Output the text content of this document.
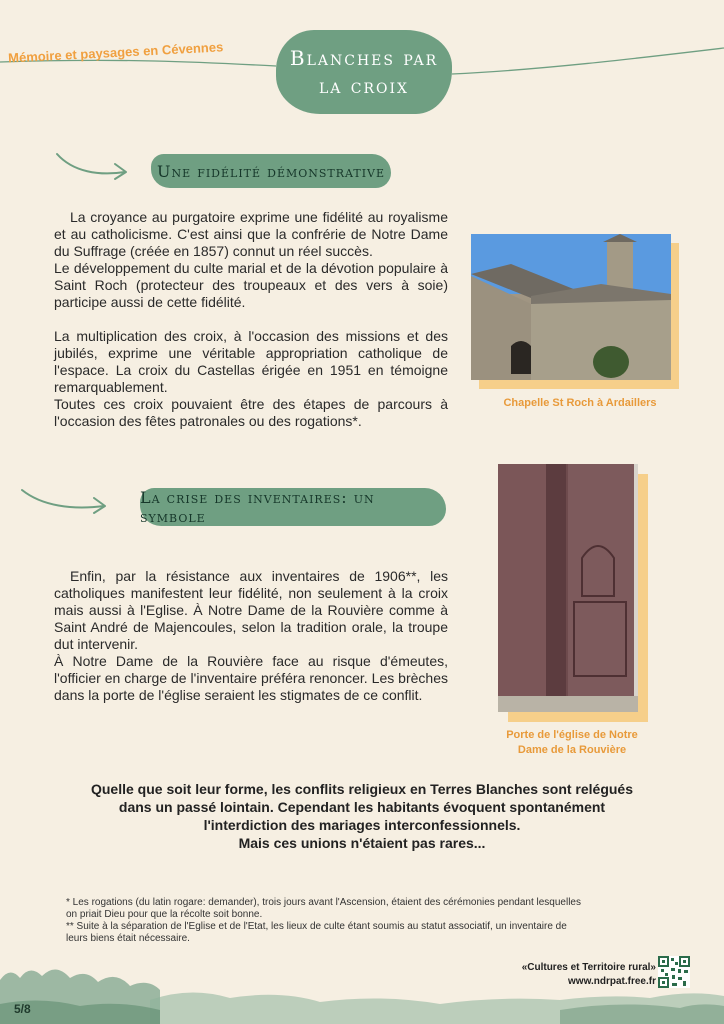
Mémoire et paysages en Cévennes	Blanches par
la croix
Une fidélité démonstrative

La croyance au purgatoire exprime une fidélité au royalisme et au catholicisme. C'est ainsi que la confrérie de Notre Dame du Suffrage (créée en 1857) connut un réel succès.

Le développement du culte marial et de la dévotion populaire à Saint Roch (protecteur des troupeaux et des vers à soie) participe aussi de cette fidélité.

La multiplication des croix, à l'occasion des missions et des jubilés, exprime une véritable appropriation catholique de l'espace. La croix du Castellas érigée en 1951 en témoigne remarquablement.

Toutes ces croix pouvaient être des étapes de parcours à l'occasion des fêtes patronales ou des rogations*.

Chapelle St Roch à Ardaillers
La crise des inventaires: un symbole

Enfin, par la résistance aux inventaires de 1906**, les catholiques manifestent leur fidélité, non seulement à la croix mais aussi à l'Eglise. À Notre Dame de la Rouvière comme à Saint André de Majencoules, selon la tradition orale, la troupe dut intervenir.

À Notre Dame de la Rouvière face au risque d'émeutes, l'officier en charge de l'inventaire préféra renoncer. Les brèches dans la porte de l'église seraient les stigmates de ce conflit.

Porte de l'église de Notre
Dame de la Rouvière
Quelle que soit leur forme, les conflits religieux en Terres Blanches sont relégués
dans un passé lointain. Cependant les habitants évoquent spontanément
l'interdiction des mariages interconfessionnels.
Mais ces unions n'étaient pas rares...
* Les rogations (du latin rogare: demander), trois jours avant l'Ascension, étaient des cérémonies pendant lesquelles on priait Dieu pour que la récolte soit bonne.
** Suite à la séparation de l'Eglise et de l'Etat, les lieux de culte étant soumis au statut associatif, un inventaire de leurs biens était nécessaire.
«Cultures et Territoire rural»
www.ndrpat.free.fr
5/8
